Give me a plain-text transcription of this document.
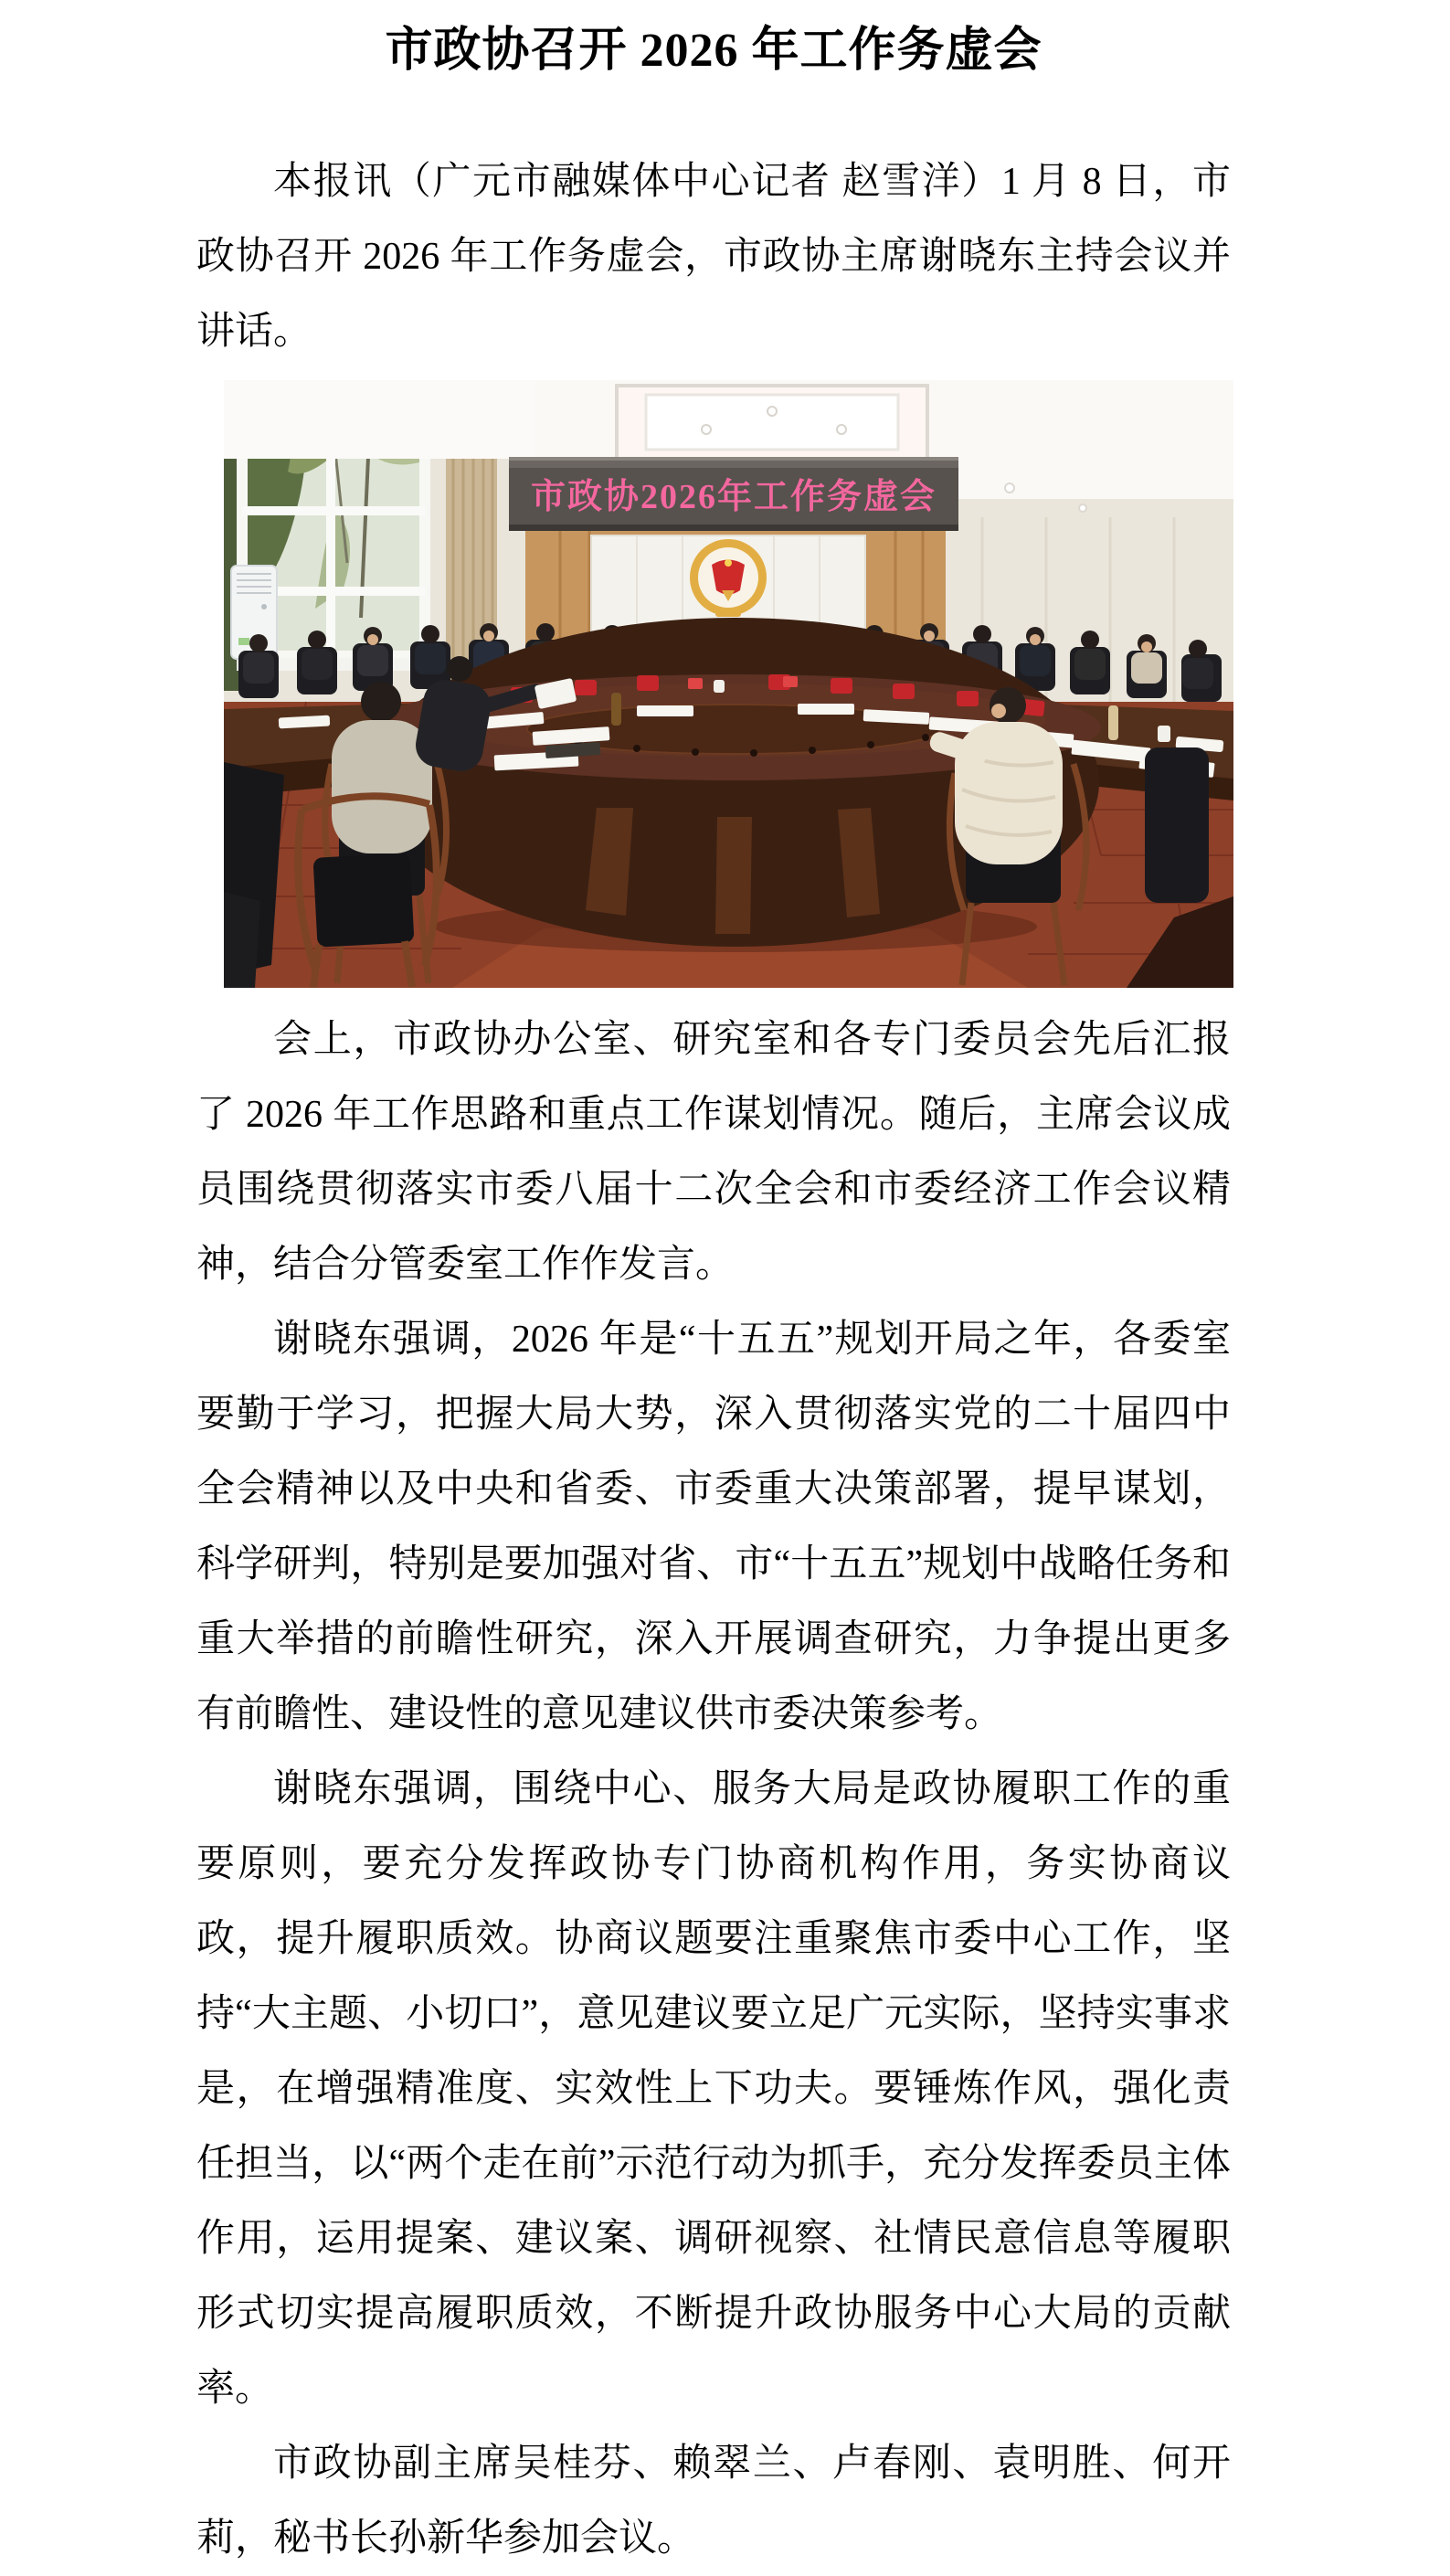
市政协召开 2026 年工作务虚会

本报讯（广元市融媒体中心记者 赵雪洋）1 月 8 日，市政协召开 2026 年工作务虚会，市政协主席谢晓东主持会议并讲话。

市政协2026年工作务虚会

会上，市政协办公室、研究室和各专门委员会先后汇报了 2026 年工作思路和重点工作谋划情况。随后，主席会议成员围绕贯彻落实市委八届十二次全会和市委经济工作会议精神，结合分管委室工作作发言。

谢晓东强调，2026 年是“十五五”规划开局之年，各委室要勤于学习，把握大局大势，深入贯彻落实党的二十届四中全会精神以及中央和省委、市委重大决策部署，提早谋划，科学研判，特别是要加强对省、市“十五五”规划中战略任务和重大举措的前瞻性研究，深入开展调查研究，力争提出更多有前瞻性、建设性的意见建议供市委决策参考。

谢晓东强调，围绕中心、服务大局是政协履职工作的重要原则，要充分发挥政协专门协商机构作用，务实协商议政，提升履职质效。协商议题要注重聚焦市委中心工作，坚持“大主题、小切口”，意见建议要立足广元实际，坚持实事求是，在增强精准度、实效性上下功夫。要锤炼作风，强化责任担当，以“两个走在前”示范行动为抓手，充分发挥委员主体作用，运用提案、建议案、调研视察、社情民意信息等履职形式切实提高履职质效，不断提升政协服务中心大局的贡献率。

市政协副主席吴桂芬、赖翠兰、卢春刚、袁明胜、何开莉，秘书长孙新华参加会议。
